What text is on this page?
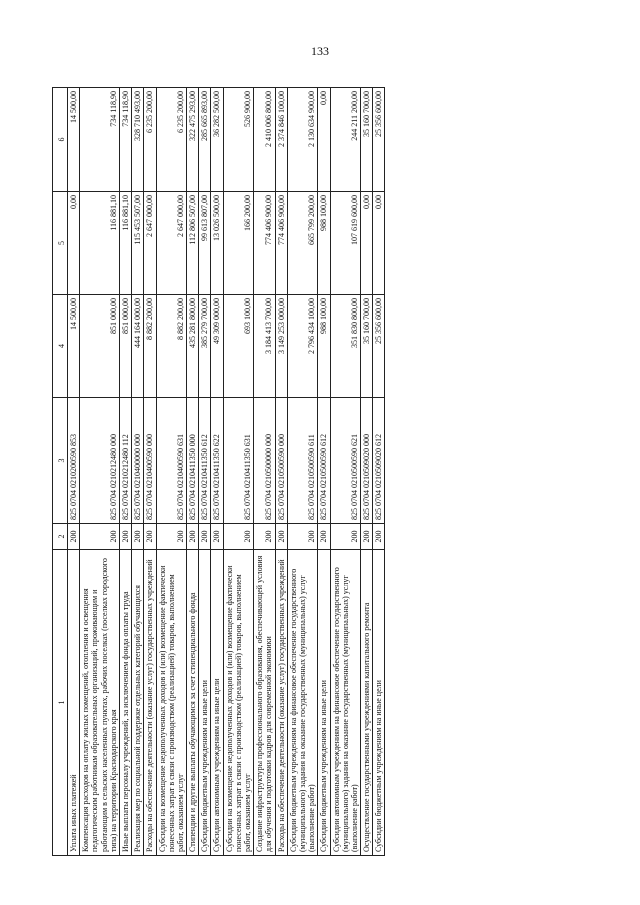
133
1	2	3	4	5	6
Уплата иных платежей	200	825 0704 0210200590 853	14 500,00	0,00	14 500,00
Компенсация расходов на оплату жилых помещений, отопления и освещения педагогическим работникам образовательных организаций, проживающим и работающим в сельских населенных пунктах, рабочих поселках (поселках городского типа) на территории Краснодарского края	200	825 0704 0210212480 000	851 000,00	116 881,10	734 118,90
Иные выплаты персоналу учреждений, за исключением фонда оплаты труда	200	825 0704 0210212480 112	851 000,00	116 881,10	734 118,90
Реализация мер по социальной поддержке отдельных категорий обучающихся	200	825 0704 0210400000 000	444 164 000,00	115 453 507,00	328 710 493,00
Расходы на обеспечение деятельности (оказание услуг) государственных учреждений	200	825 0704 0210400590 000	8 882 200,00	2 647 000,00	6 235 200,00
Субсидии на возмещение недополученных доходов и (или) возмещение фактически понесенных затрат в связи с производством (реализацией) товаров, выполнением работ, оказанием услуг	200	825 0704 0210400590 631	8 882 200,00	2 647 000,00	6 235 200,00
Стипендии и другие выплаты обучающимся за счет стипендиального фонда	200	825 0704 0210411350 000	435 281 800,00	112 806 507,00	322 475 293,00
Субсидии бюджетным учреждениям на иные цели	200	825 0704 0210411350 612	385 279 700,00	99 613 807,00	285 665 893,00
Субсидии автономным учреждениям на иные цели	200	825 0704 0210411350 622	49 309 000,00	13 026 500,00	36 282 500,00
Субсидии на возмещение недополученных доходов и (или) возмещение фактически понесенных затрат в связи с производством (реализацией) товаров, выполнением работ, оказанием услуг	200	825 0704 0210411350 631	693 100,00	166 200,00	526 900,00
Создание инфраструктуры профессионального образования, обеспечивающей условия для обучения и подготовки кадров для современной экономики	200	825 0704 0210500000 000	3 184 413 700,00	774 406 900,00	2 410 006 800,00
Расходы на обеспечение деятельности (оказание услуг) государственных учреждений	200	825 0704 0210500590 000	3 149 253 000,00	774 406 900,00	2 374 846 100,00
Субсидии бюджетным учреждениям на финансовое обеспечение государственного (муниципального) задания на оказание государственных (муниципальных) услуг (выполнение работ)	200	825 0704 0210500590 611	2 796 434 100,00	665 799 200,00	2 130 634 900,00
Субсидии бюджетным учреждениям на иные цели	200	825 0704 0210500590 612	988 100,00	988 100,00	0,00
Субсидии автономным учреждениям на финансовое обеспечение государственного (муниципального) задания на оказание государственных (муниципальных) услуг (выполнение работ)	200	825 0704 0210500590 621	351 830 800,00	107 619 600,00	244 211 200,00
Осуществление государственными учреждениями капитального ремонта	200	825 0704 0210509020 000	35 160 700,00	0,00	35 160 700,00
Субсидии бюджетным учреждениям на иные цели	200	825 0704 0210509020 612	25 356 600,00	0,00	25 356 600,00
